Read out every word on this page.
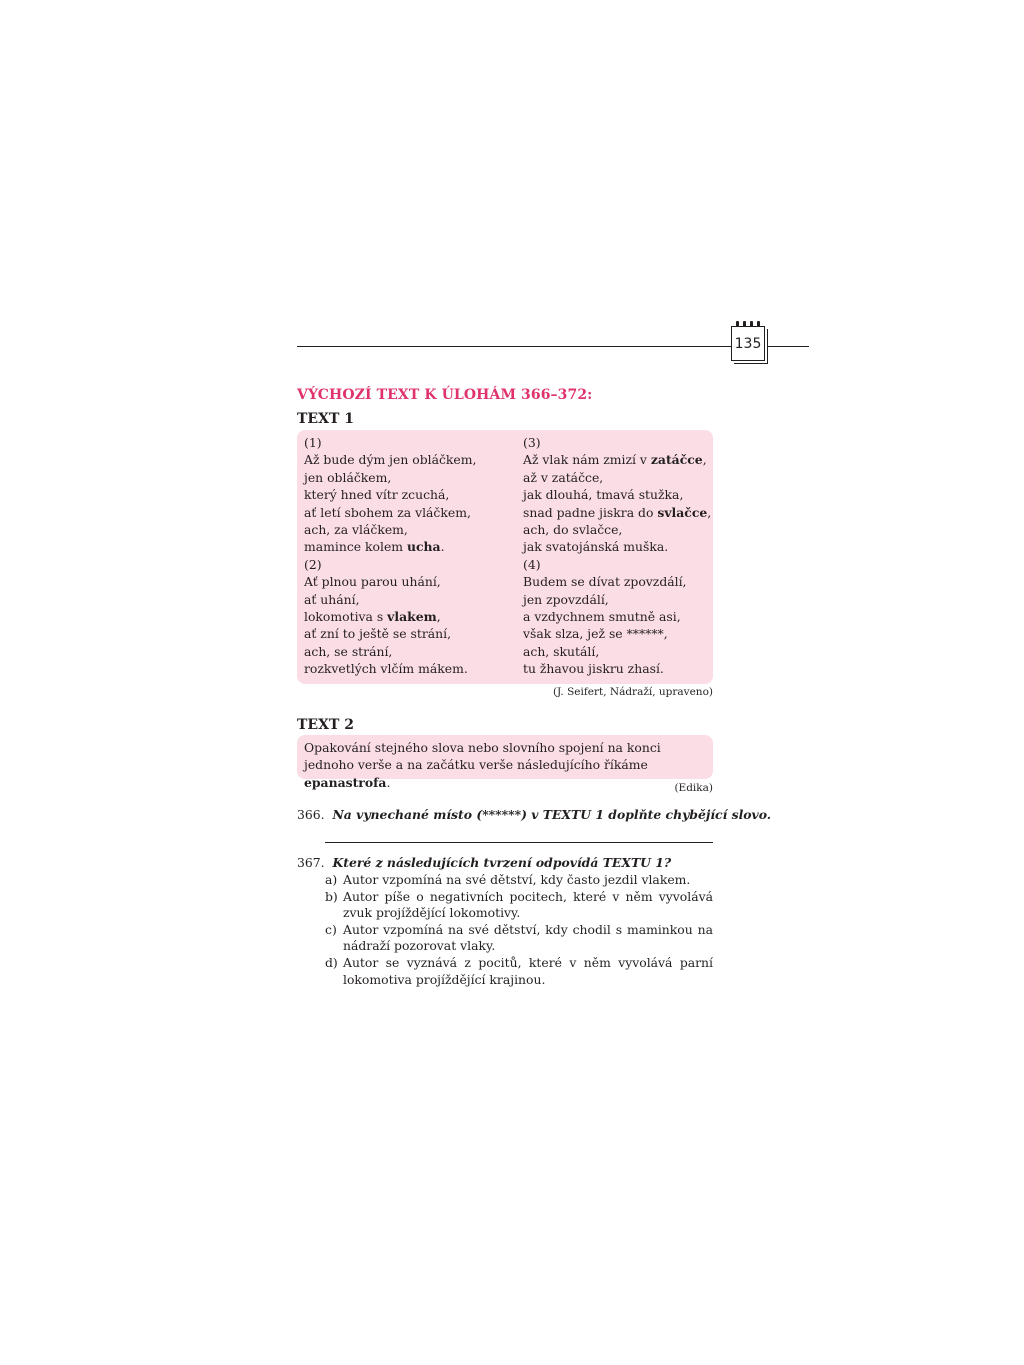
135
VÝCHOZÍ TEXT K ÚLOHÁM 366–372:
TEXT 1
(1)
Až bude dým jen obláčkem,
jen obláčkem,
který hned vítr zcuchá,
ať letí sbohem za vláčkem,
ach, za vláčkem,
mamince kolem ucha.
(2)
Ať plnou parou uhání,
ať uhání,
lokomotiva s vlakem,
ať zní to ještě se strání,
ach, se strání,
rozkvetlých vlčím mákem.
(3)
Až vlak nám zmizí v zatáčce,
až v zatáčce,
jak dlouhá, tmavá stužka,
snad padne jiskra do svlačce,
ach, do svlačce,
jak svatojánská muška.
(4)
Budem se dívat zpovzdálí,
jen zpovzdálí,
a vzdychnem smutně asi,
však slza, jež se ******,
ach, skutálí,
tu žhavou jiskru zhasí.
(J. Seifert, Nádraží, upraveno)
TEXT 2
Opakování stejného slova nebo slovního spojení na konci jednoho verše a na začátku verše následujícího říkáme epanastrofa.	(Edika)
366. Na vynechané místo (******) v TEXTU 1 doplňte chybějící slovo.
367. Které z následujících tvrzení odpovídá TEXTU 1?
a) Autor vzpomíná na své dětství, kdy často jezdil vlakem.
b) Autor píše o negativních pocitech, které v něm vyvolává zvuk projíždějící lokomotivy.
c) Autor vzpomíná na své dětství, kdy chodil s maminkou na nádraží pozorovat vlaky.
d) Autor se vyznává z pocitů, které v něm vyvolává parní lokomotiva projíždějící krajinou.
